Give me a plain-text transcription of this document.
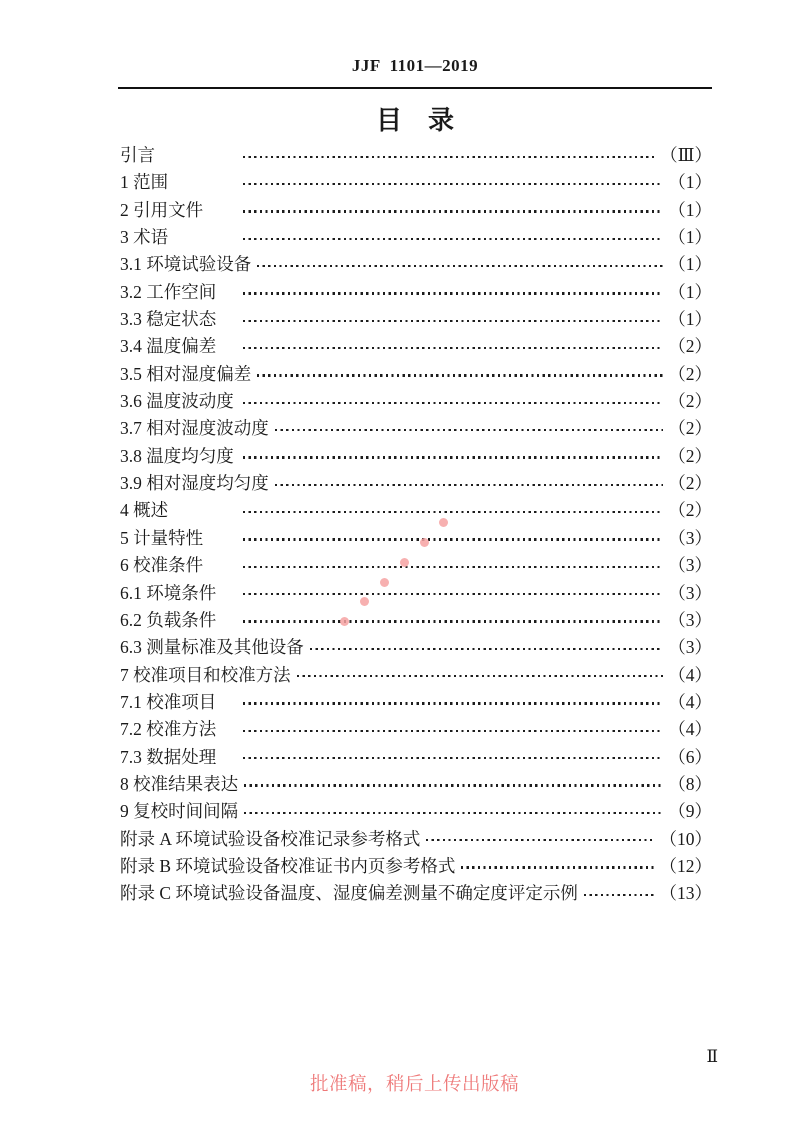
JJF  1101—2019
目　录
引言	（Ⅲ）
1 范围	（1）
2 引用文件	（1）
3 术语	（1）
3.1 环境试验设备	（1）
3.2 工作空间	（1）
3.3 稳定状态	（1）
3.4 温度偏差	（2）
3.5 相对湿度偏差	（2）
3.6 温度波动度	（2）
3.7 相对湿度波动度	（2）
3.8 温度均匀度	（2）
3.9 相对湿度均匀度	（2）
4 概述	（2）
5 计量特性	（3）
6 校准条件	（3）
6.1 环境条件	（3）
6.2 负载条件	（3）
6.3 测量标准及其他设备	（3）
7 校准项目和校准方法	（4）
7.1 校准项目	（4）
7.2 校准方法	（4）
7.3 数据处理	（6）
8 校准结果表达	（8）
9 复校时间间隔	（9）
附录 A 环境试验设备校准记录参考格式	（10）
附录 B 环境试验设备校准证书内页参考格式	（12）
附录 C 环境试验设备温度、湿度偏差测量不确定度评定示例	（13）
Ⅱ
批准稿，稍后上传出版稿
